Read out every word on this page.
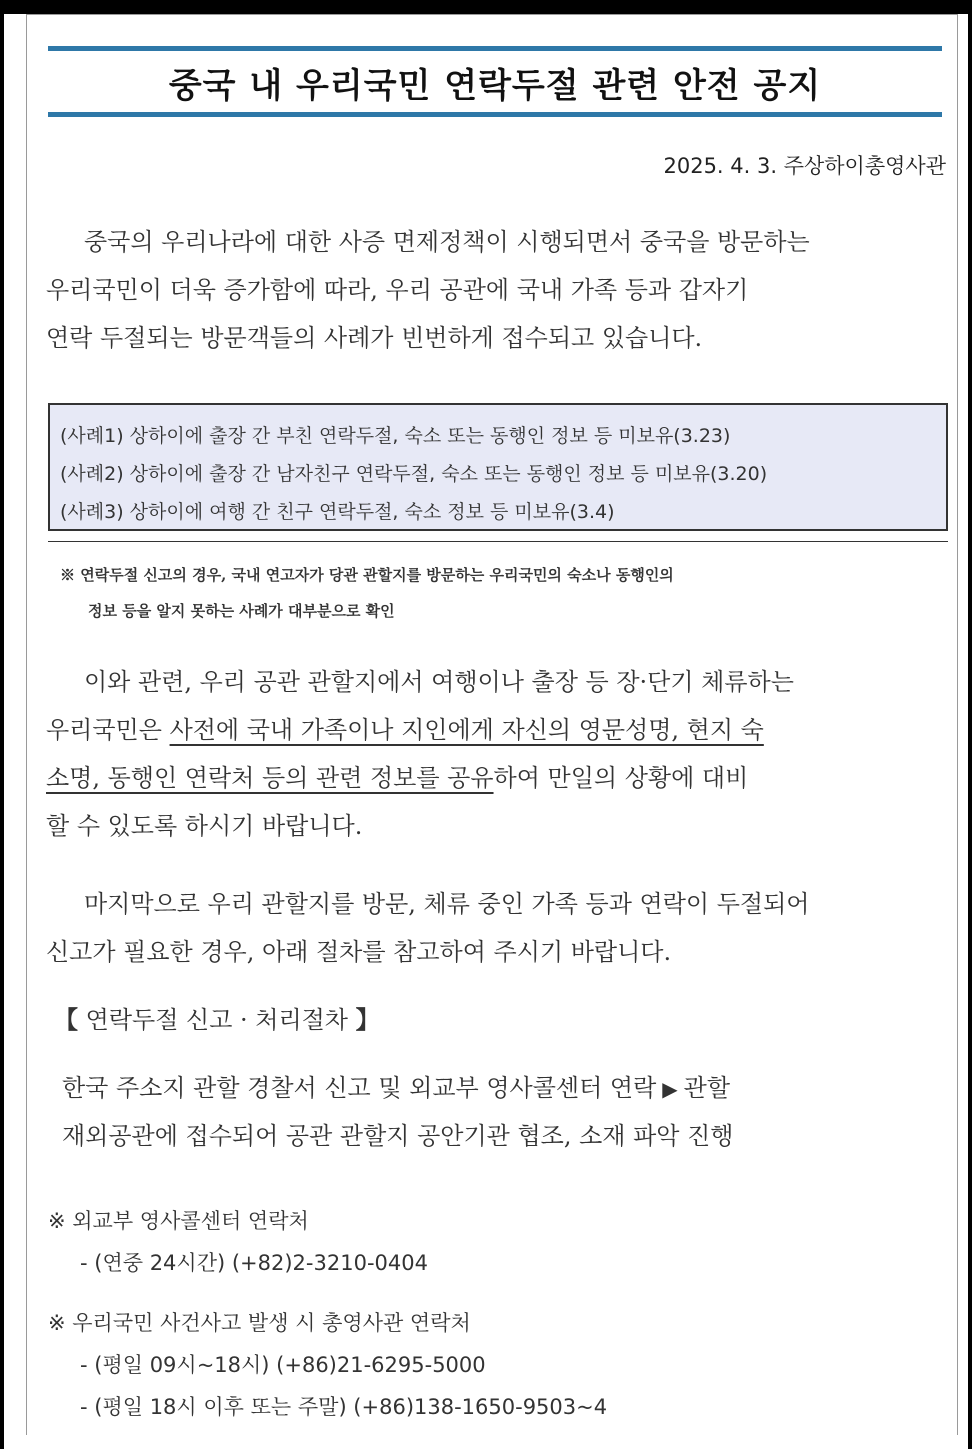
중국 내 우리국민 연락두절 관련 안전 공지
2025. 4. 3. 주상하이총영사관
중국의 우리나라에 대한 사증 면제정책이 시행되면서 중국을 방문하는
우리국민이 더욱 증가함에 따라, 우리 공관에 국내 가족 등과 갑자기
연락 두절되는 방문객들의 사례가 빈번하게 접수되고 있습니다.
(사례1) 상하이에 출장 간 부친 연락두절, 숙소 또는 동행인 정보 등 미보유(3.23)
(사례2) 상하이에 출장 간 남자친구 연락두절, 숙소 또는 동행인 정보 등 미보유(3.20)
(사례3) 상하이에 여행 간 친구 연락두절, 숙소 정보 등 미보유(3.4)
※ 연락두절 신고의 경우, 국내 연고자가 당관 관할지를 방문하는 우리국민의 숙소나 동행인의
정보 등을 알지 못하는 사례가 대부분으로 확인
이와 관련, 우리 공관 관할지에서 여행이나 출장 등 장·단기 체류하는
우리국민은 사전에 국내 가족이나 지인에게 자신의 영문성명, 현지 숙
소명, 동행인 연락처 등의 관련 정보를 공유하여 만일의 상황에 대비
할 수 있도록 하시기 바랍니다.
마지막으로 우리 관할지를 방문, 체류 중인 가족 등과 연락이 두절되어
신고가 필요한 경우, 아래 절차를 참고하여 주시기 바랍니다.
【 연락두절 신고 · 처리절차 】
한국 주소지 관할 경찰서 신고 및 외교부 영사콜센터 연락 ▶ 관할
재외공관에 접수되어 공관 관할지 공안기관 협조, 소재 파악 진행
※ 외교부 영사콜센터 연락처
- (연중 24시간) (+82)2-3210-0404
※ 우리국민 사건사고 발생 시 총영사관 연락처
- (평일 09시~18시) (+86)21-6295-5000
- (평일 18시 이후 또는 주말) (+86)138-1650-9503~4
